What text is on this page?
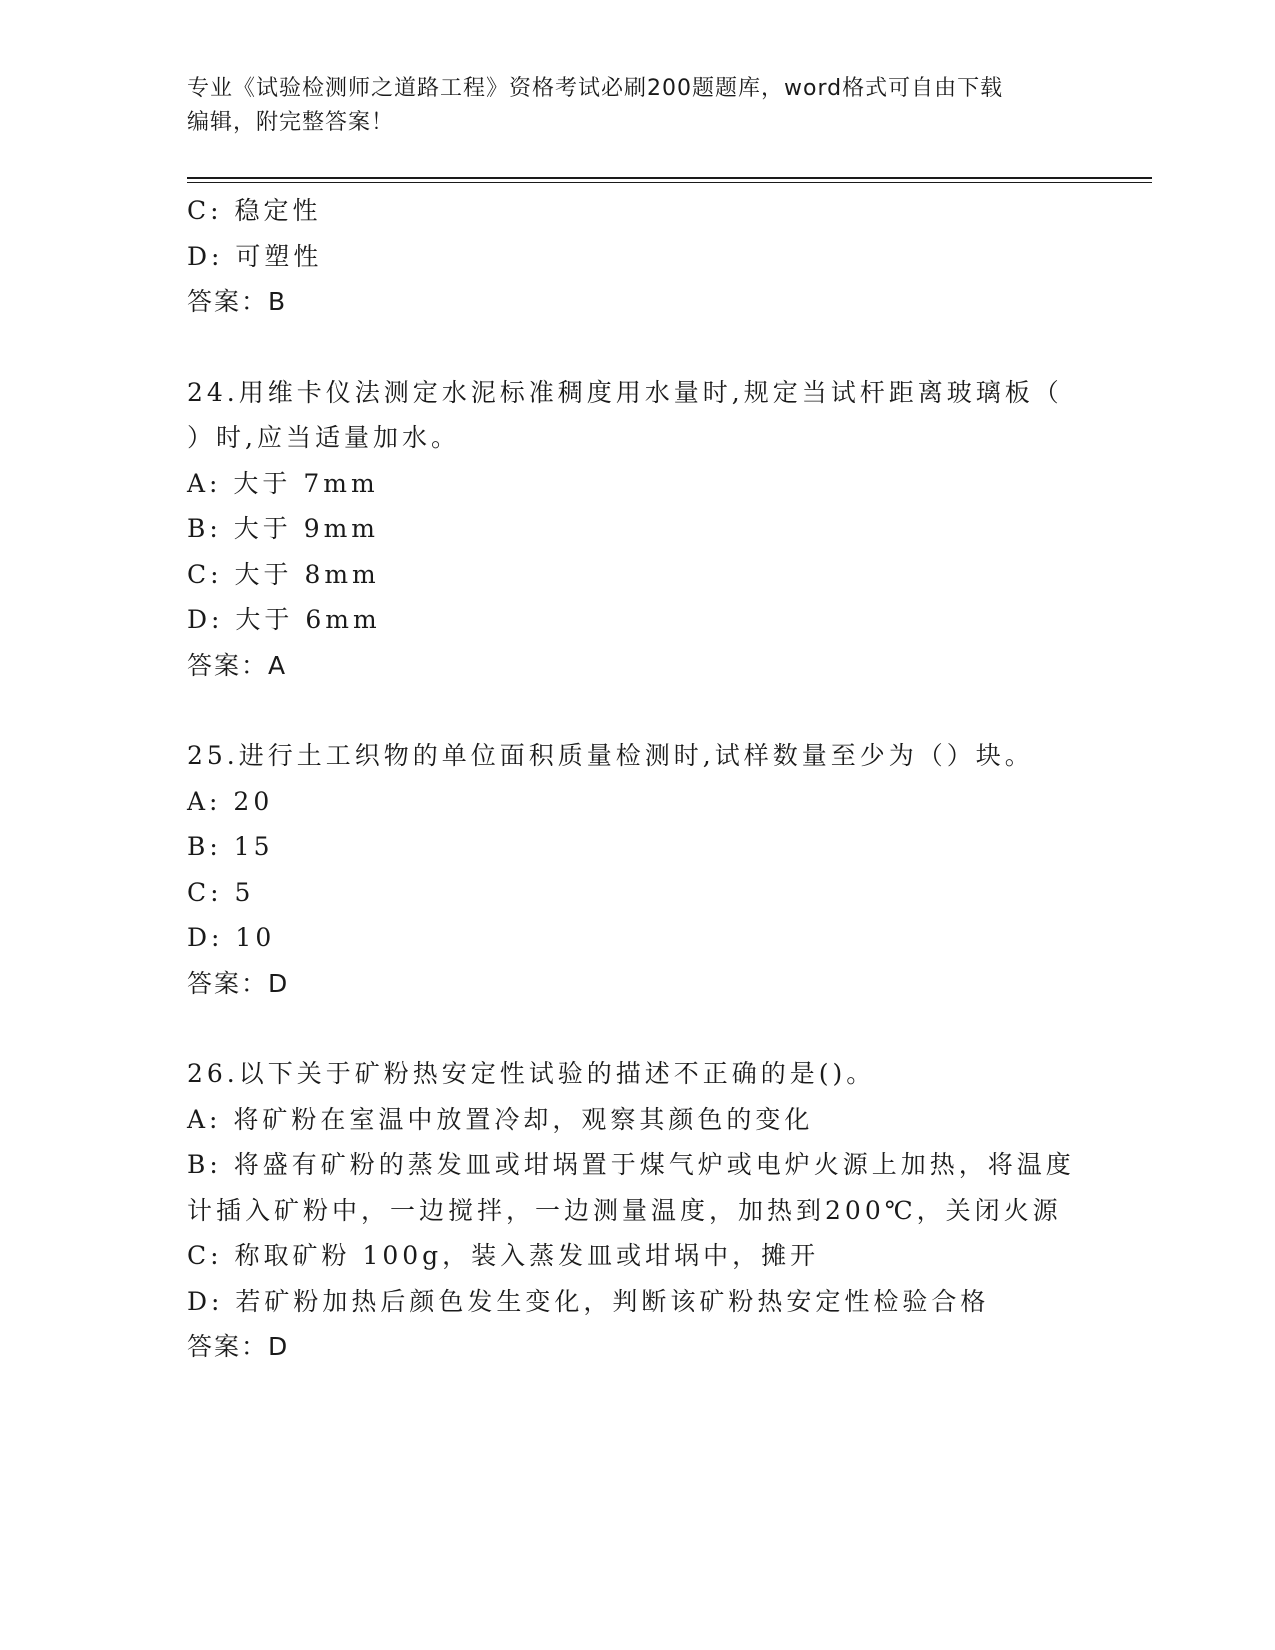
专业《试验检测师之道路工程》资格考试必刷200题题库，word格式可自由下载
编辑，附完整答案！
C: 稳定性
D: 可塑性
答案：B
24.用维卡仪法测定水泥标准稠度用水量时,规定当试杆距离玻璃板（
）时,应当适量加水。
A: 大于 7mm
B: 大于 9mm
C: 大于 8mm
D: 大于 6mm
答案：A
25.进行土工织物的单位面积质量检测时,试样数量至少为（）块。
A: 20
B: 15
C: 5
D: 10
答案：D
26.以下关于矿粉热安定性试验的描述不正确的是()。
A: 将矿粉在室温中放置冷却，观察其颜色的变化
B: 将盛有矿粉的蒸发皿或坩埚置于煤气炉或电炉火源上加热，将温度
计插入矿粉中，一边搅拌，一边测量温度，加热到200℃，关闭火源
C: 称取矿粉 100g，装入蒸发皿或坩埚中，摊开
D: 若矿粉加热后颜色发生变化，判断该矿粉热安定性检验合格
答案：D
